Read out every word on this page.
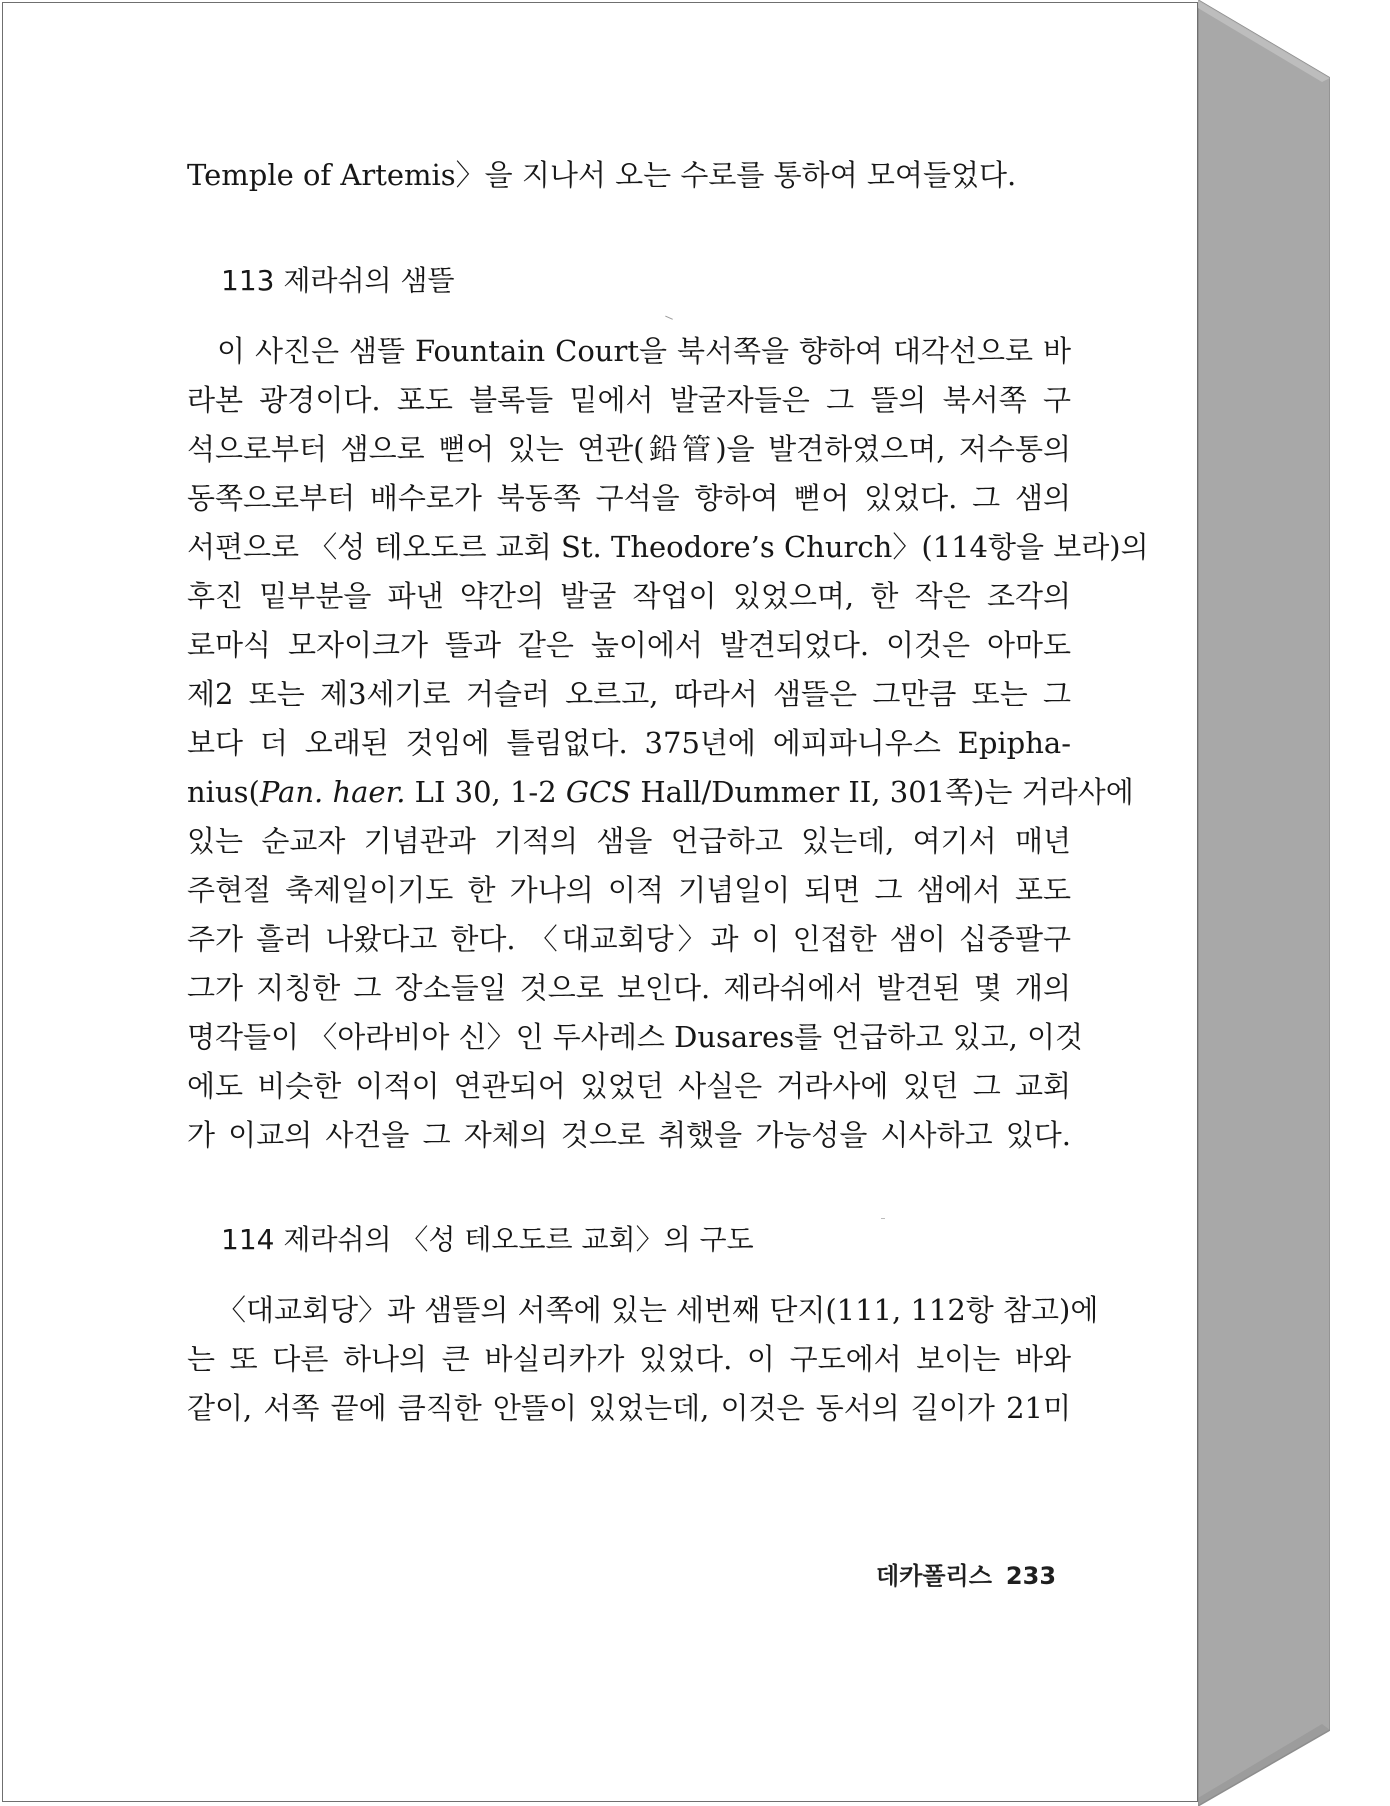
Temple of Artemis〉을 지나서 오는 수로를 통하여 모여들었다.
113 제라쉬의 샘뜰
이 사진은 샘뜰 Fountain Court을 북서쪽을 향하여 대각선으로 바
라본 광경이다. 포도 블록들 밑에서 발굴자들은 그 뜰의 북서쪽 구
석으로부터 샘으로 뻗어 있는 연관(鉛管)을 발견하였으며, 저수통의
동쪽으로부터 배수로가 북동쪽 구석을 향하여 뻗어 있었다. 그 샘의
서편으로 〈성 테오도르 교회 St. Theodore’s Church〉(114항을 보라)의
후진 밑부분을 파낸 약간의 발굴 작업이 있었으며, 한 작은 조각의
로마식 모자이크가 뜰과 같은 높이에서 발견되었다. 이것은 아마도
제2 또는 제3세기로 거슬러 오르고, 따라서 샘뜰은 그만큼 또는 그
보다 더 오래된 것임에 틀림없다. 375년에 에피파니우스 Epipha-
nius(Pan. haer. LI 30, 1-2 GCS Hall/Dummer II, 301쪽)는 거라사에
있는 순교자 기념관과 기적의 샘을 언급하고 있는데, 여기서 매년
주현절 축제일이기도 한 가나의 이적 기념일이 되면 그 샘에서 포도
주가 흘러 나왔다고 한다. 〈대교회당〉과 이 인접한 샘이 십중팔구
그가 지칭한 그 장소들일 것으로 보인다. 제라쉬에서 발견된 몇 개의
명각들이 〈아라비아 신〉인 두사레스 Dusares를 언급하고 있고, 이것
에도 비슷한 이적이 연관되어 있었던 사실은 거라사에 있던 그 교회
가 이교의 사건을 그 자체의 것으로 취했을 가능성을 시사하고 있다.
114 제라쉬의 〈성 테오도르 교회〉의 구도
〈대교회당〉과 샘뜰의 서쪽에 있는 세번째 단지(111, 112항 참고)에
는 또 다른 하나의 큰 바실리카가 있었다. 이 구도에서 보이는 바와
같이, 서쪽 끝에 큼직한 안뜰이 있었는데, 이것은 동서의 길이가 21미
데카폴리스 233
